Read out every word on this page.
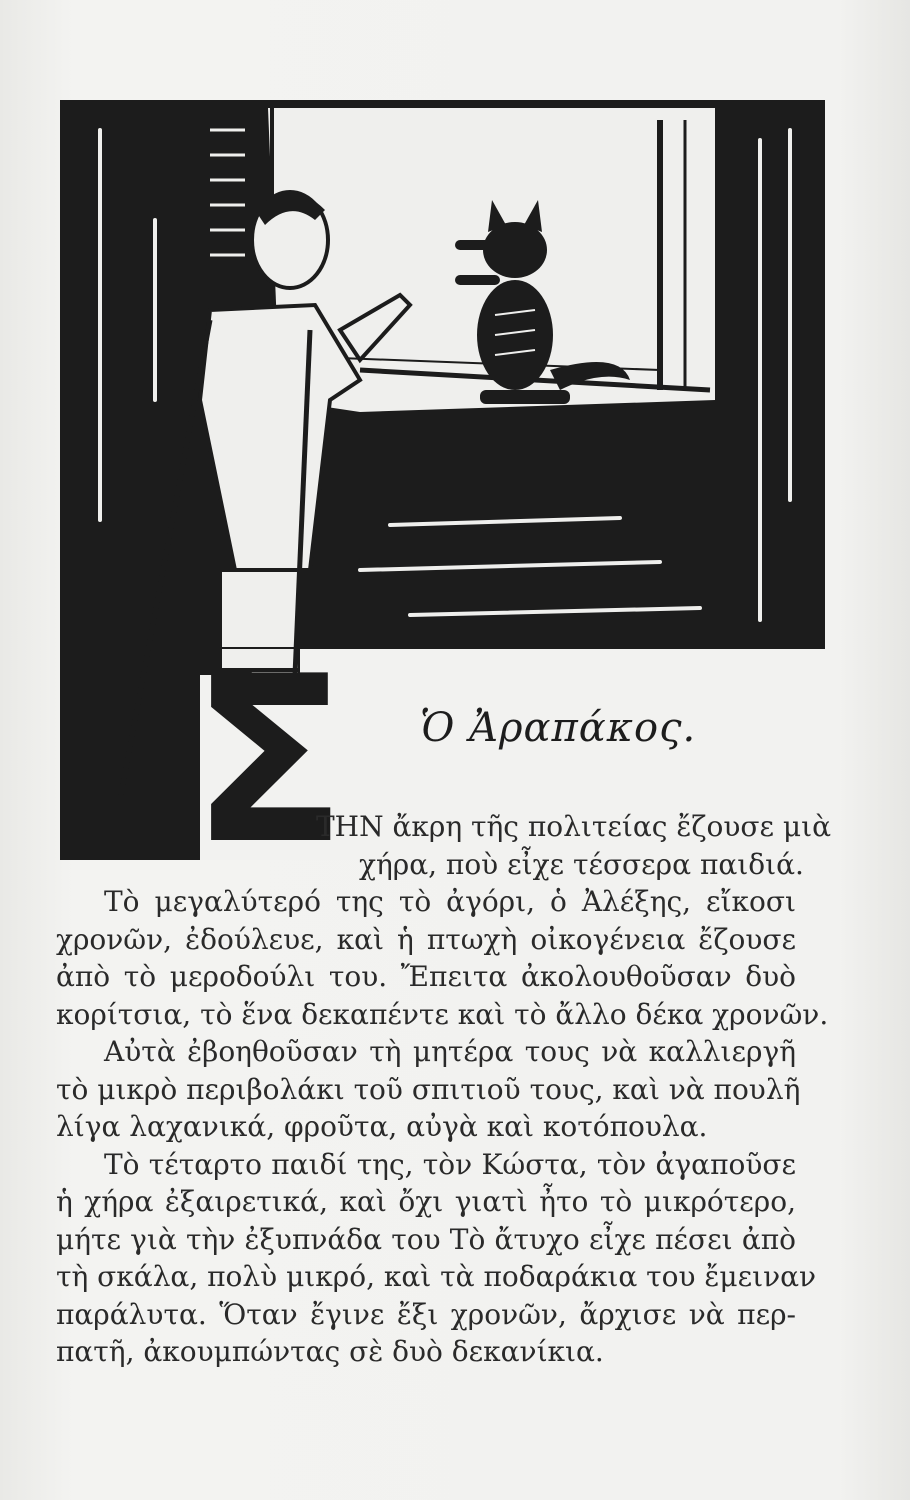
Σ Ὁ Ἀραπάκος.
ΤΗΝ ἄκρη τῆς πολιτείας ἔζουσε μιὰ
χήρα, ποὺ εἶχε τέσσερα παιδιά.
Τὸ μεγαλύτερό της τὸ ἀγόρι, ὁ Ἀλέξης, εἴκοσι
χρονῶν, ἐδούλευε, καὶ ἡ πτωχὴ οἰκογένεια ἔζουσε
ἀπὸ τὸ μεροδούλι του. Ἔπειτα ἀκολουθοῦσαν δυὸ
κορίτσια, τὸ ἕνα δεκαπέντε καὶ τὸ ἄλλο δέκα χρονῶν.
Αὐτὰ ἐβοηθοῦσαν τὴ μητέρα τους νὰ καλλιεργῆ
τὸ μικρὸ περιβολάκι τοῦ σπιτιοῦ τους, καὶ νὰ πουλῆ
λίγα λαχανικά, φροῦτα, αὐγὰ καὶ κοτόπουλα.
Τὸ τέταρτο παιδί της, τὸν Κώστα, τὸν ἀγαποῦσε
ἡ χήρα ἐξαιρετικά, καὶ ὄχι γιατὶ ἦτο τὸ μικρότερο,
μήτε γιὰ τὴν ἐξυπνάδα του Τὸ ἄτυχο εἶχε πέσει ἀπὸ
τὴ σκάλα, πολὺ μικρό, καὶ τὰ ποδαράκια του ἔμειναν
παράλυτα. Ὅταν ἔγινε ἔξι χρονῶν, ἄρχισε νὰ περ-
πατῆ, ἀκουμπώντας σὲ δυὸ δεκανίκια.
